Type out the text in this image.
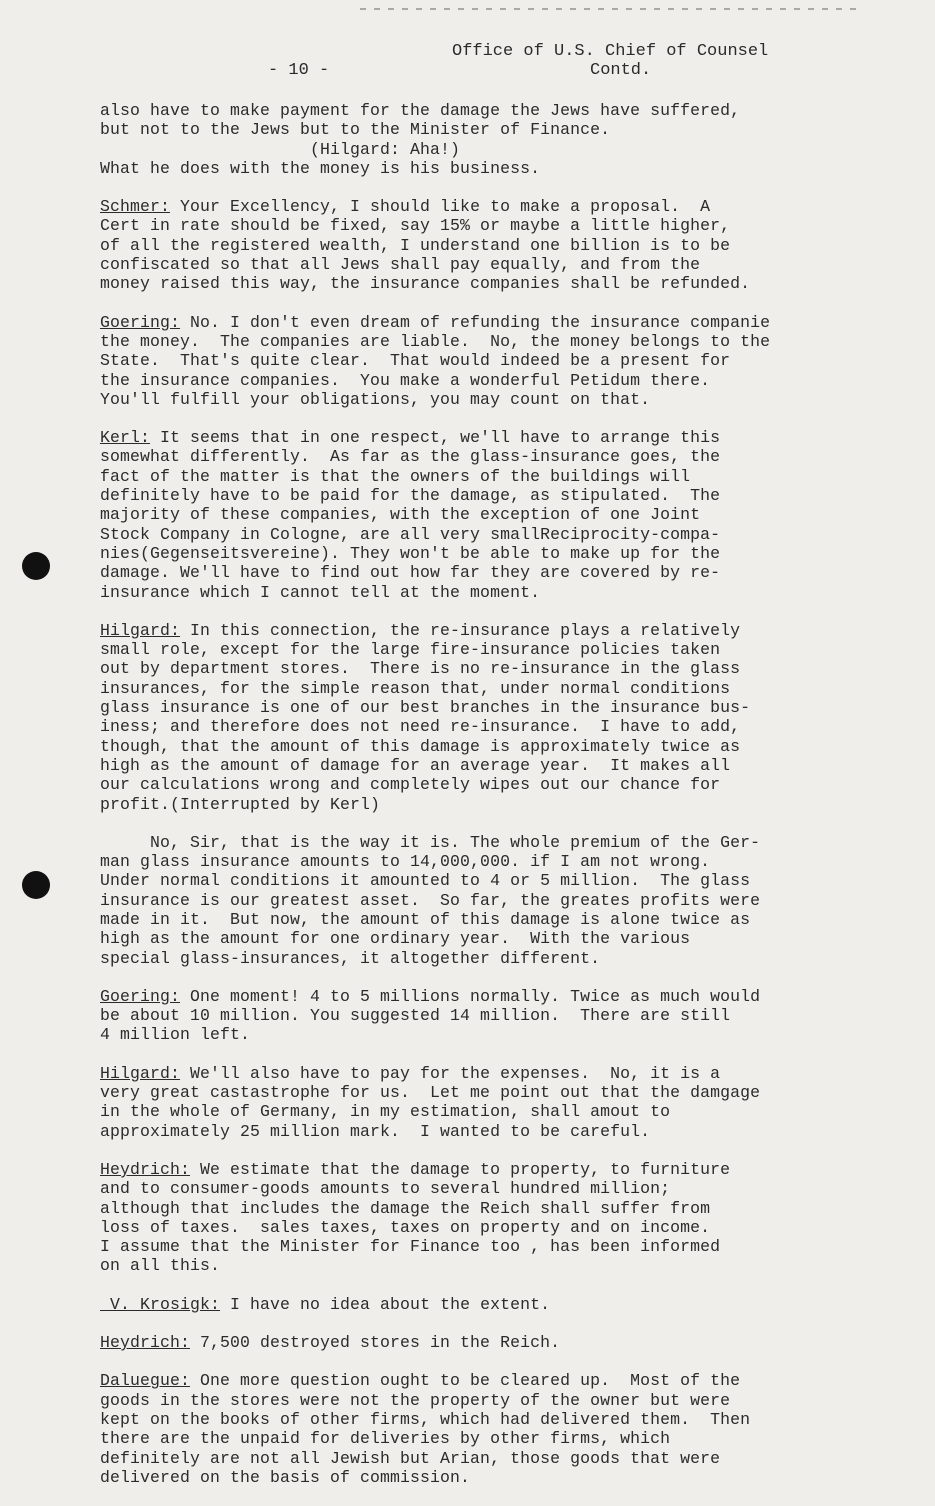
Office of U.S. Chief of Counsel
Contd.
- 10 -
also have to make payment for the damage the Jews have suffered,
but not to the Jews but to the Minister of Finance.
(Hilgard: Aha!)
What he does with the money is his business.
Schmer: Your Excellency, I should like to make a proposal.  A
Cert in rate should be fixed, say 15% or maybe a little higher,
of all the registered wealth, I understand one billion is to be
confiscated so that all Jews shall pay equally, and from the
money raised this way, the insurance companies shall be refunded.
Goering: No. I don't even dream of refunding the insurance companie
the money.  The companies are liable.  No, the money belongs to the
State.  That's quite clear.  That would indeed be a present for
the insurance companies.  You make a wonderful Petidum there.
You'll fulfill your obligations, you may count on that.
Kerl: It seems that in one respect, we'll have to arrange this
somewhat differently.  As far as the glass-insurance goes, the
fact of the matter is that the owners of the buildings will
definitely have to be paid for the damage, as stipulated.  The
majority of these companies, with the exception of one Joint
Stock Company in Cologne, are all very smallReciprocity-compa-
nies(Gegenseitsvereine). They won't be able to make up for the
damage. We'll have to find out how far they are covered by re-
insurance which I cannot tell at the moment.
Hilgard: In this connection, the re-insurance plays a relatively
small role, except for the large fire-insurance policies taken
out by department stores.  There is no re-insurance in the glass
insurances, for the simple reason that, under normal conditions
glass insurance is one of our best branches in the insurance bus-
iness; and therefore does not need re-insurance.  I have to add,
though, that the amount of this damage is approximately twice as
high as the amount of damage for an average year.  It makes all
our calculations wrong and completely wipes out our chance for
profit.(Interrupted by Kerl)
No, Sir, that is the way it is. The whole premium of the Ger-
man glass insurance amounts to 14,000,000. if I am not wrong.
Under normal conditions it amounted to 4 or 5 million.  The glass
insurance is our greatest asset.  So far, the greates profits were
made in it.  But now, the amount of this damage is alone twice as
high as the amount for one ordinary year.  With the various
special glass-insurances, it altogether different.
Goering: One moment! 4 to 5 millions normally. Twice as much would
be about 10 million. You suggested 14 million.  There are still
4 million left.
Hilgard: We'll also have to pay for the expenses.  No, it is a
very great castastrophe for us.  Let me point out that the damgage
in the whole of Germany, in my estimation, shall amout to
approximately 25 million mark.  I wanted to be careful.
Heydrich: We estimate that the damage to property, to furniture
and to consumer-goods amounts to several hundred million;
although that includes the damage the Reich shall suffer from
loss of taxes.  sales taxes, taxes on property and on income.
I assume that the Minister for Finance too , has been informed
on all this.
V. Krosigk: I have no idea about the extent.
Heydrich: 7,500 destroyed stores in the Reich.
Daluegue: One more question ought to be cleared up.  Most of the
goods in the stores were not the property of the owner but were
kept on the books of other firms, which had delivered them.  Then
there are the unpaid for deliveries by other firms, which
definitely are not all Jewish but Arian, those goods that were
delivered on the basis of commission.
